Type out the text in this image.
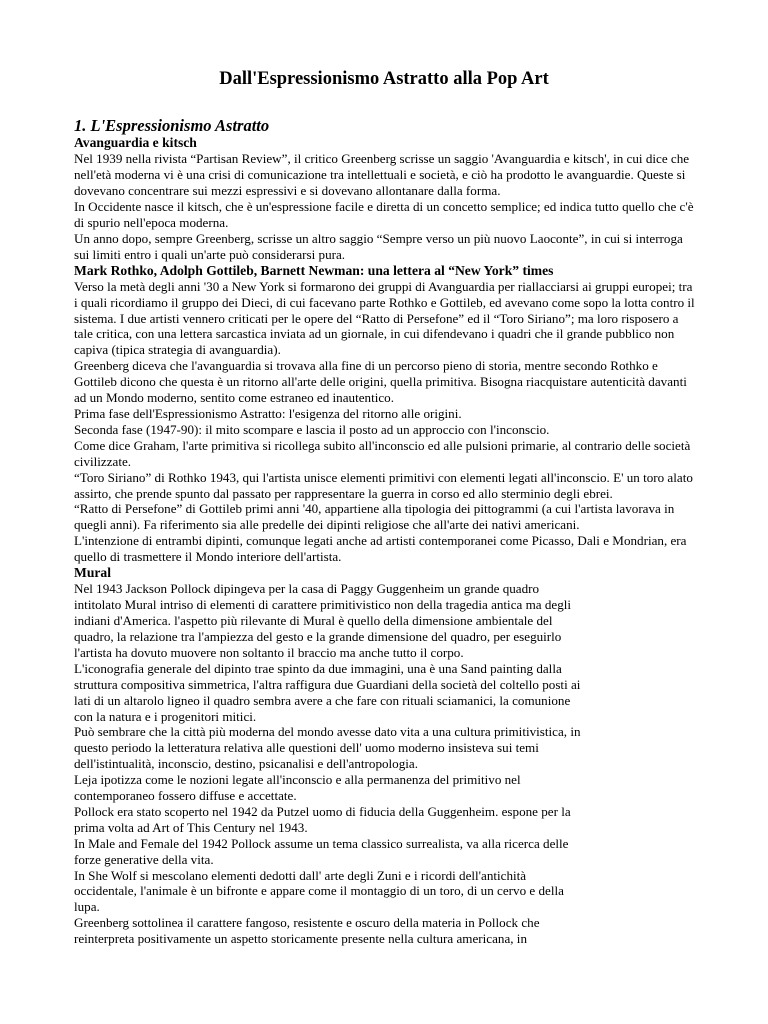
Dall'Espressionismo Astratto alla Pop Art
1. L'Espressionismo Astratto
Avanguardia e kitsch

Nel 1939 nella rivista “Partisan Review”, il critico Greenberg scrisse un saggio 'Avanguardia e kitsch', in cui dice che nell'età moderna vi è una crisi di comunicazione tra intellettuali e società, e ciò ha prodotto le avanguardie. Queste si dovevano concentrare sui mezzi espressivi e si dovevano allontanare dalla forma.

In Occidente nasce il kitsch, che è un'espressione facile e diretta di un concetto semplice; ed indica tutto quello che c'è di spurio nell'epoca moderna.

Un anno dopo, sempre Greenberg, scrisse un altro saggio “Sempre verso un più nuovo Laoconte”, in cui si interroga sui limiti entro i quali un'arte può considerarsi pura.

Mark Rothko, Adolph Gottileb, Barnett Newman: una lettera al “New York” times

Verso la metà degli anni '30 a New York si formarono dei gruppi di Avanguardia per riallacciarsi ai gruppi europei; tra i quali ricordiamo il gruppo dei Dieci, di cui facevano parte Rothko e Gottileb, ed avevano come sopo la lotta contro il sistema. I due artisti vennero criticati per le opere del “Ratto di Persefone” ed il “Toro Siriano”; ma loro risposero a tale critica, con una lettera sarcastica inviata ad un giornale, in cui difendevano i quadri che il grande pubblico non capiva (tipica strategia di avanguardia).

Greenberg diceva che l'avanguardia si trovava alla fine di un percorso pieno di storia, mentre secondo Rothko e Gottileb dicono che questa è un ritorno all'arte delle origini, quella primitiva. Bisogna riacquistare autenticità davanti ad un Mondo moderno, sentito come estraneo ed inautentico.

Prima fase dell'Espressionismo Astratto: l'esigenza del ritorno alle origini.

Seconda fase (1947-90): il mito scompare e lascia il posto ad un approccio con l'inconscio.

Come dice Graham, l'arte primitiva si ricollega subito all'inconscio ed alle pulsioni primarie, al contrario delle società civilizzate.

“Toro Siriano” di Rothko 1943, qui l'artista unisce elementi primitivi con elementi legati all'inconscio. E' un toro alato assirto, che prende spunto dal passato per rappresentare la guerra in corso ed allo sterminio degli ebrei.

“Ratto di Persefone” di Gottileb primi anni '40, appartiene alla tipologia dei pittogrammi (a cui l'artista lavorava in quegli anni). Fa riferimento sia alle predelle dei dipinti religiose che all'arte dei nativi americani.

L'intenzione di entrambi dipinti, comunque legati anche ad artisti contemporanei come Picasso, Dali e Mondrian, era quello di trasmettere il Mondo interiore dell'artista.

Mural

Nel 1943 Jackson Pollock dipingeva per la casa di Paggy Guggenheim un grande quadro intitolato Mural intriso di elementi di carattere primitivistico non della tragedia antica ma degli indiani d'America. l'aspetto più rilevante di Mural è quello della dimensione ambientale del quadro, la relazione tra l'ampiezza del gesto e la grande dimensione del quadro, per eseguirlo l'artista ha dovuto muovere non soltanto il braccio ma anche tutto il corpo.

L'iconografia generale del dipinto trae spinto da due immagini, una è una Sand painting dalla struttura compositiva simmetrica, l'altra raffigura due Guardiani della società del coltello posti ai lati di un altarolo ligneo il quadro sembra avere a che fare con rituali sciamanici, la comunione con la natura e i progenitori mitici.

Può sembrare che la città più moderna del mondo avesse dato vita a una cultura primitivistica, in questo periodo la letteratura relativa alle questioni dell' uomo moderno insisteva sui temi dell'istintualità, inconscio, destino, psicanalisi e dell'antropologia.

Leja ipotizza come le nozioni legate all'inconscio e alla permanenza del primitivo nel contemporaneo fossero diffuse e accettate.

Pollock era stato scoperto nel 1942 da Putzel uomo di fiducia della Guggenheim. espone per la prima volta ad Art of This Century nel 1943.

In Male and Female del 1942 Pollock assume un tema classico surrealista, va alla ricerca delle forze generative della vita.

In She Wolf si mescolano elementi dedotti dall' arte degli Zuni e i ricordi dell'antichità occidentale, l'animale è un bifronte e appare come il montaggio di un toro, di un cervo e della lupa.

Greenberg sottolinea il carattere fangoso, resistente e oscuro della materia in Pollock che reinterpreta positivamente un aspetto storicamente presente nella cultura americana, in
